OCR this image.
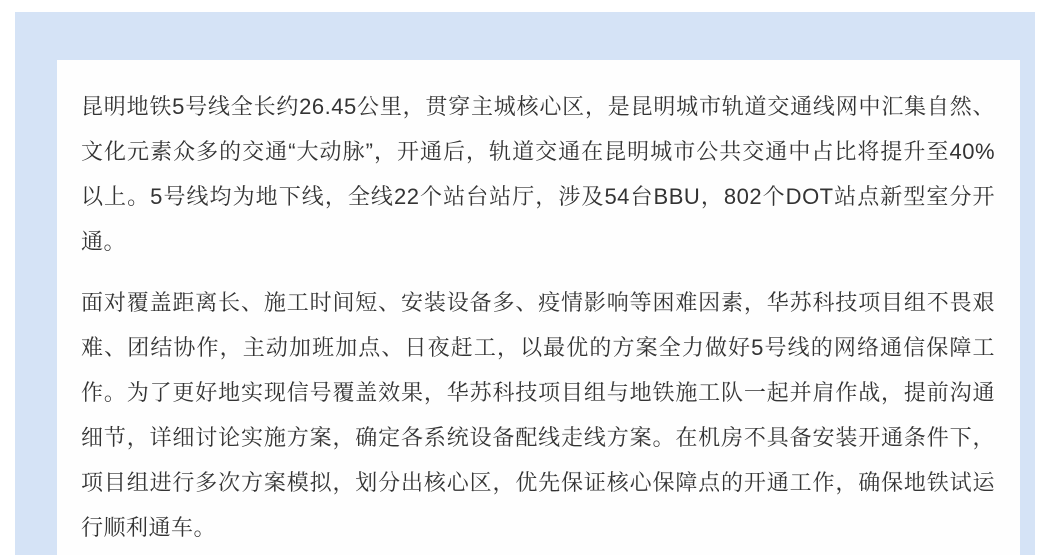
昆明地铁5号线全长约26.45公里，贯穿主城核心区，是昆明城市轨道交通线网中汇集自然、文化元素众多的交通“大动脉”，开通后，轨道交通在昆明城市公共交通中占比将提升至40%以上。5号线均为地下线，全线22个站台站厅，涉及54台BBU，802个DOT站点新型室分开通。

面对覆盖距离长、施工时间短、安装设备多、疫情影响等困难因素，华苏科技项目组不畏艰难、团结协作，主动加班加点、日夜赶工，以最优的方案全力做好5号线的网络通信保障工作。为了更好地实现信号覆盖效果，华苏科技项目组与地铁施工队一起并肩作战，提前沟通细节，详细讨论实施方案，确定各系统设备配线走线方案。在机房不具备安装开通条件下，项目组进行多次方案模拟，划分出核心区，优先保证核心保障点的开通工作，确保地铁试运行顺利通车。
